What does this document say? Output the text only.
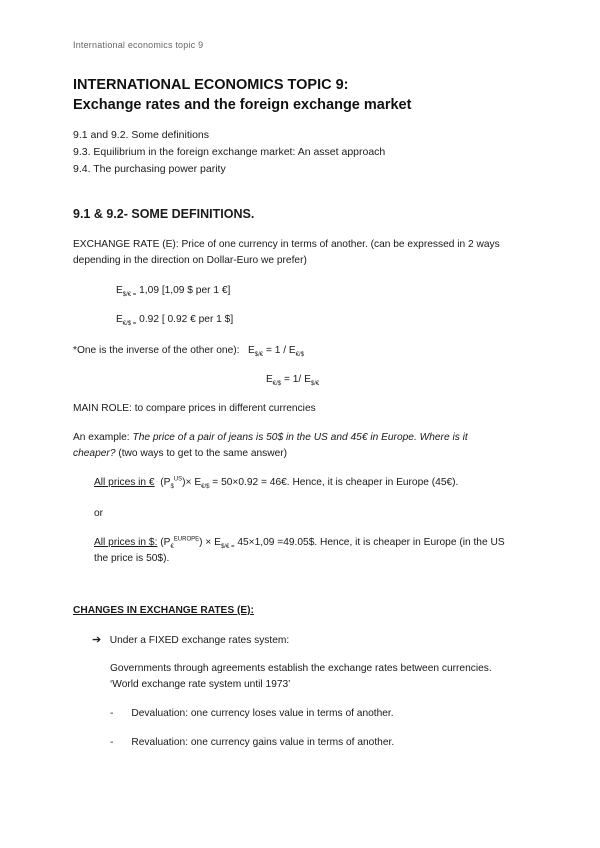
International economics topic 9
INTERNATIONAL ECONOMICS TOPIC 9:
Exchange rates and the foreign exchange market
9.1 and 9.2. Some definitions
9.3. Equilibrium in the foreign exchange market: An asset approach
9.4. The purchasing power parity
9.1 & 9.2- SOME DEFINITIONS.
EXCHANGE RATE (E): Price of one currency in terms of another. (can be expressed in 2 ways
depending in the direction on Dollar-Euro we prefer)
$E_{\$/€ =}$ 1,09 [1,09 $ per 1 €]
$E_{€/\$ =}$ 0.92 [ 0.92 € per 1 $]
*One is the inverse of the other one): $E_{\$/€} = 1 / E_{€/\$}$
$E_{€/\$} = 1/$ $E_{\$/€}$
MAIN ROLE: to compare prices in different currencies
An example: The price of a pair of jeans is 50$ in the US and 45€ in Europe. Where is it
cheaper? (two ways to get to the same answer)
All prices in € $(P_{\$}^{US})\times E_{€/\$} = 50\times 0.92$ = 46€. Hence, it is cheaper in Europe (45€).
or
All prices in $: $(P_€^{EUROPE}) \times E_{\$/€ =}$ 45×1,09 =49.05$. Hence, it is cheaper in Europe (in the US
the price is 50$).
CHANGES IN EXCHANGE RATES (E):
➔ Under a FIXED exchange rates system:
Governments through agreements establish the exchange rates between currencies.
‘World exchange rate system until 1973’
- Devaluation: one currency loses value in terms of another.
- Revaluation: one currency gains value in terms of another.
